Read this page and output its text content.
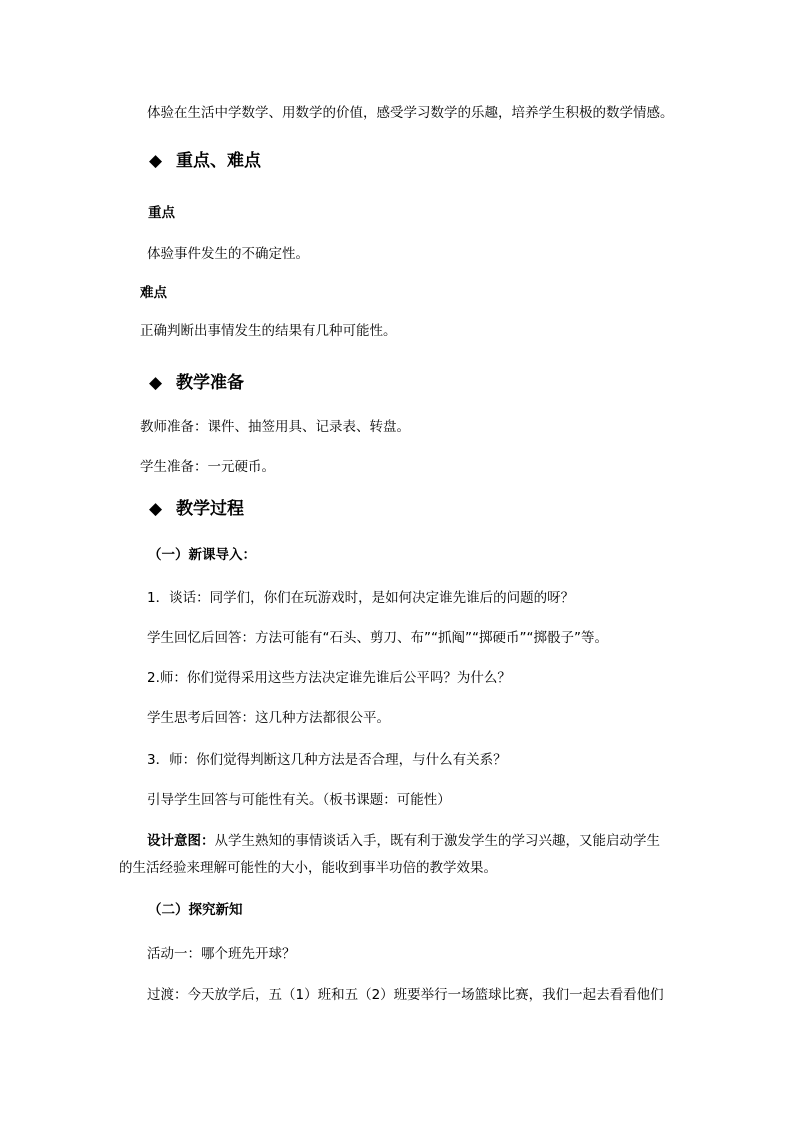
体验在生活中学数学、用数学的价值，感受学习数学的乐趣，培养学生积极的数学情感。
◆ 重点、难点
重点
体验事件发生的不确定性。
难点
正确判断出事情发生的结果有几种可能性。
◆ 教学准备
教师准备：课件、抽签用具、记录表、转盘。
学生准备：一元硬币。
◆ 教学过程
（一）新课导入：
1．谈话：同学们，你们在玩游戏时，是如何决定谁先谁后的问题的呀？
学生回忆后回答：方法可能有“石头、剪刀、布”“抓阄”“掷硬币”“掷骰子”等。
2.师：你们觉得采用这些方法决定谁先谁后公平吗？为什么？
学生思考后回答：这几种方法都很公平。
3．师：你们觉得判断这几种方法是否合理，与什么有关系？
引导学生回答与可能性有关。（板书课题：可能性）
设计意图：从学生熟知的事情谈话入手，既有利于激发学生的学习兴趣，又能启动学生
的生活经验来理解可能性的大小，能收到事半功倍的教学效果。
（二）探究新知
活动一：哪个班先开球？
过渡：今天放学后，五（1）班和五（2）班要举行一场篮球比赛，我们一起去看看他们
